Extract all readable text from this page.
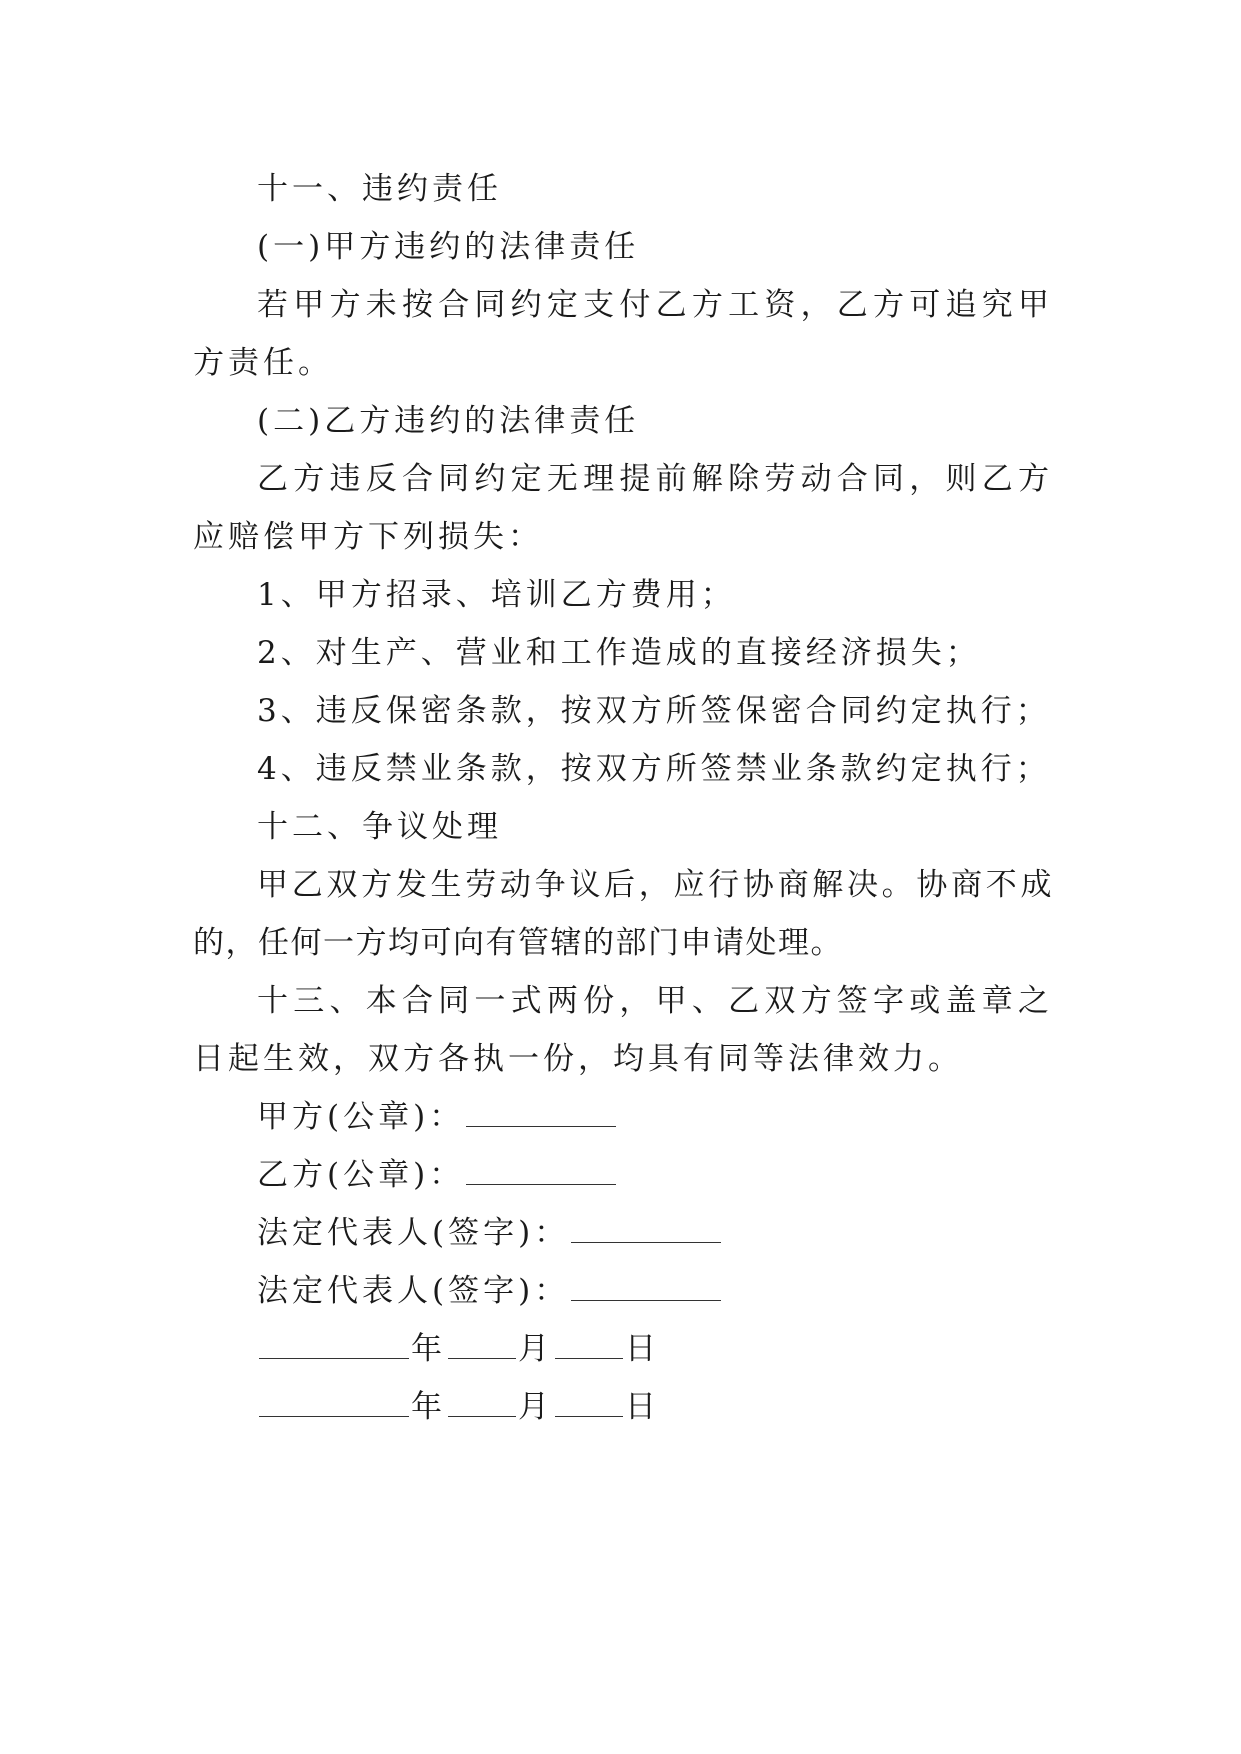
十一、违约责任

(一)甲方违约的法律责任

若甲方未按合同约定支付乙方工资，乙方可追究甲方责任。

(二)乙方违约的法律责任

乙方违反合同约定无理提前解除劳动合同，则乙方应赔偿甲方下列损失：

1、甲方招录、培训乙方费用；

2、对生产、营业和工作造成的直接经济损失；

3、违反保密条款，按双方所签保密合同约定执行；

4、违反禁业条款，按双方所签禁业条款约定执行；

十二、争议处理

甲乙双方发生劳动争议后，应行协商解决。协商不成的，任何一方均可向有管辖的部门申请处理。

十三、本合同一式两份，甲、乙双方签字或盖章之日起生效，双方各执一份，均具有同等法律效力。

甲方(公章)：

乙方(公章)：

法定代表人(签字)：

法定代表人(签字)：

年 月 日

年 月 日
